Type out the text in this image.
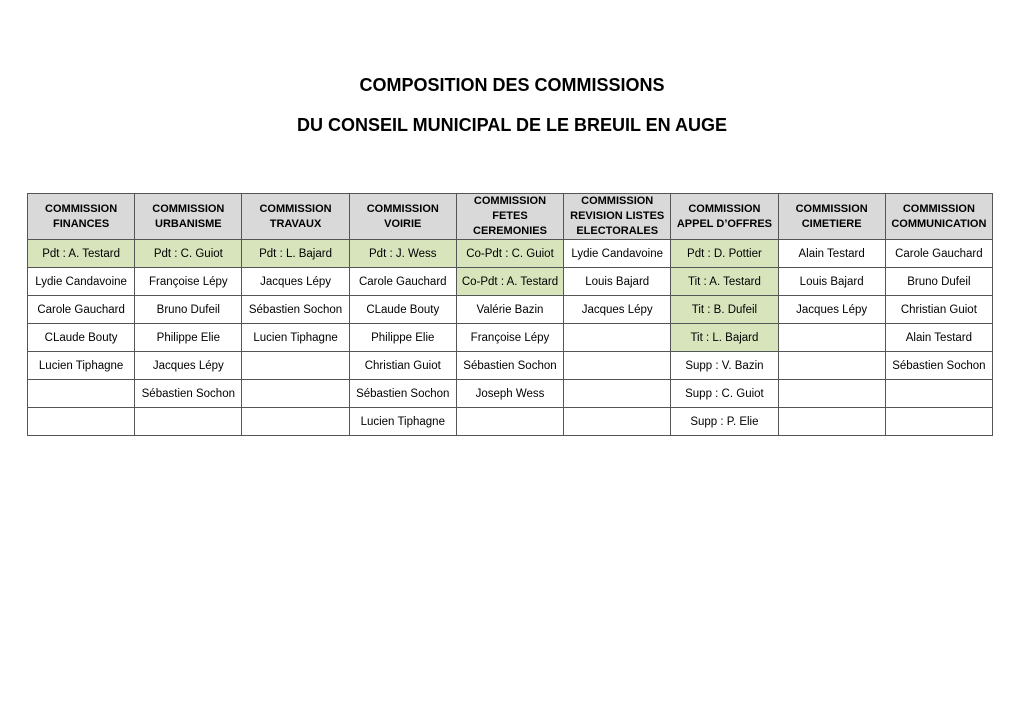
COMPOSITION DES COMMISSIONS
DU CONSEIL MUNICIPAL DE LE BREUIL EN AUGE
COMMISSION
FINANCES	COMMISSION
URBANISME	COMMISSION
TRAVAUX	COMMISSION
VOIRIE	COMMISSION
FETES
CEREMONIES	COMMISSION
REVISION LISTES
ELECTORALES	COMMISSION
APPEL D’OFFRES	COMMISSION
CIMETIERE	COMMISSION
COMMUNICATION
Pdt : A. Testard	Pdt : C. Guiot	Pdt : L. Bajard	Pdt : J. Wess	Co-Pdt : C. Guiot	Lydie Candavoine	Pdt : D. Pottier	Alain Testard	Carole Gauchard
Lydie Candavoine	Françoise Lépy	Jacques Lépy	Carole Gauchard	Co-Pdt : A. Testard	Louis Bajard	Tit : A. Testard	Louis Bajard	Bruno Dufeil
Carole Gauchard	Bruno Dufeil	Sébastien Sochon	CLaude Bouty	Valérie Bazin	Jacques Lépy	Tit : B. Dufeil	Jacques Lépy	Christian Guiot
CLaude Bouty	Philippe Elie	Lucien Tiphagne	Philippe Elie	Françoise Lépy		Tit : L. Bajard		Alain Testard
Lucien Tiphagne	Jacques Lépy		Christian Guiot	Sébastien Sochon		Supp : V. Bazin		Sébastien Sochon
	Sébastien Sochon		Sébastien Sochon	Joseph Wess		Supp : C. Guiot		
			Lucien Tiphagne			Supp : P. Elie		
